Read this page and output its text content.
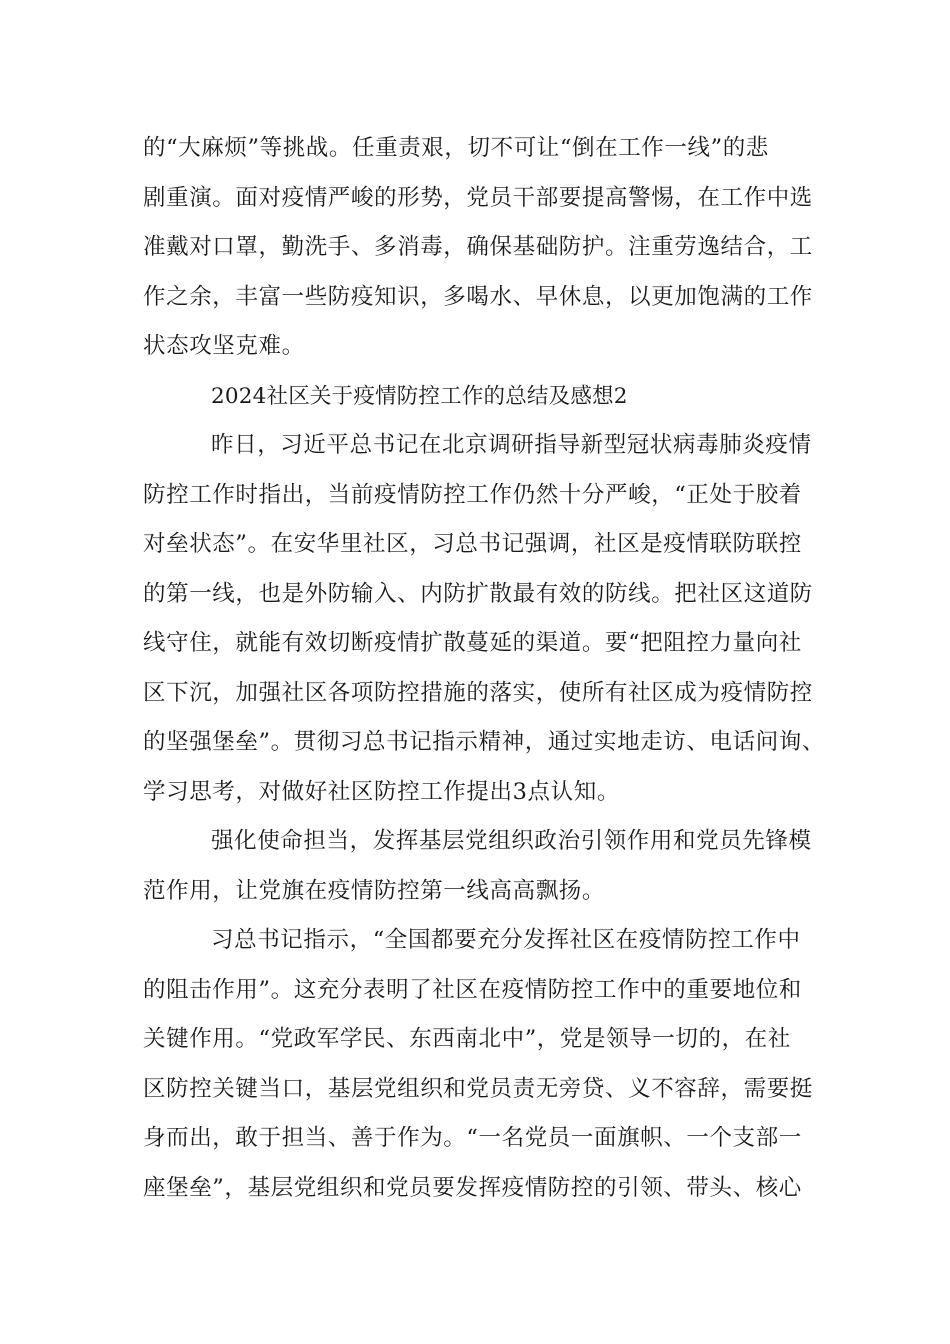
的“大麻烦”等挑战。任重责艰，切不可让“倒在工作一线”的悲
剧重演。面对疫情严峻的形势，党员干部要提高警惕，在工作中选
准戴对口罩，勤洗手、多消毒，确保基础防护。注重劳逸结合，工
作之余，丰富一些防疫知识，多喝水、早休息，以更加饱满的工作
状态攻坚克难。
2024社区关于疫情防控工作的总结及感想2
昨日，习近平总书记在北京调研指导新型冠状病毒肺炎疫情
防控工作时指出，当前疫情防控工作仍然十分严峻，“正处于胶着
对垒状态”。在安华里社区，习总书记强调，社区是疫情联防联控
的第一线，也是外防输入、内防扩散最有效的防线。把社区这道防
线守住，就能有效切断疫情扩散蔓延的渠道。要“把阻控力量向社
区下沉，加强社区各项防控措施的落实，使所有社区成为疫情防控
的坚强堡垒”。贯彻习总书记指示精神，通过实地走访、电话问询、
学习思考，对做好社区防控工作提出3点认知。
强化使命担当，发挥基层党组织政治引领作用和党员先锋模
范作用，让党旗在疫情防控第一线高高飘扬。
习总书记指示，“全国都要充分发挥社区在疫情防控工作中
的阻击作用”。这充分表明了社区在疫情防控工作中的重要地位和
关键作用。“党政军学民、东西南北中”，党是领导一切的，在社
区防控关键当口，基层党组织和党员责无旁贷、义不容辞，需要挺
身而出，敢于担当、善于作为。“一名党员一面旗帜、一个支部一
座堡垒”，基层党组织和党员要发挥疫情防控的引领、带头、核心
